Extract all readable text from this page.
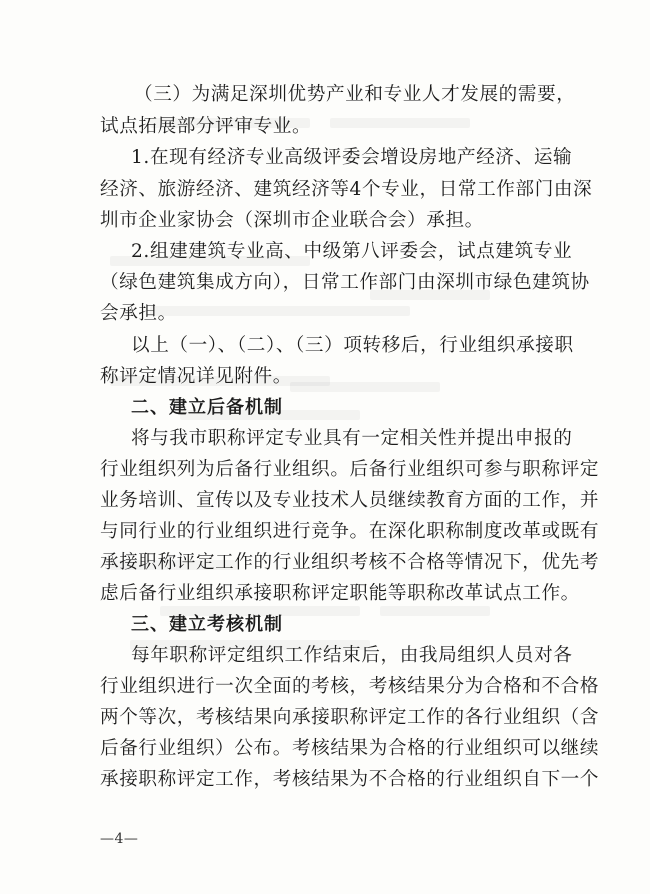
（三）为满足深圳优势产业和专业人才发展的需要，
试点拓展部分评审专业。
1.在现有经济专业高级评委会增设房地产经济、运输
经济、旅游经济、建筑经济等4个专业，日常工作部门由深
圳市企业家协会（深圳市企业联合会）承担。
2.组建建筑专业高、中级第八评委会，试点建筑专业
（绿色建筑集成方向），日常工作部门由深圳市绿色建筑协
会承担。
以上（一）、（二）、（三）项转移后，行业组织承接职
称评定情况详见附件。
二、建立后备机制
将与我市职称评定专业具有一定相关性并提出申报的
行业组织列为后备行业组织。后备行业组织可参与职称评定
业务培训、宣传以及专业技术人员继续教育方面的工作，并
与同行业的行业组织进行竞争。在深化职称制度改革或既有
承接职称评定工作的行业组织考核不合格等情况下，优先考
虑后备行业组织承接职称评定职能等职称改革试点工作。
三、建立考核机制
每年职称评定组织工作结束后，由我局组织人员对各
行业组织进行一次全面的考核，考核结果分为合格和不合格
两个等次，考核结果向承接职称评定工作的各行业组织（含
后备行业组织）公布。考核结果为合格的行业组织可以继续
承接职称评定工作，考核结果为不合格的行业组织自下一个
—4—
